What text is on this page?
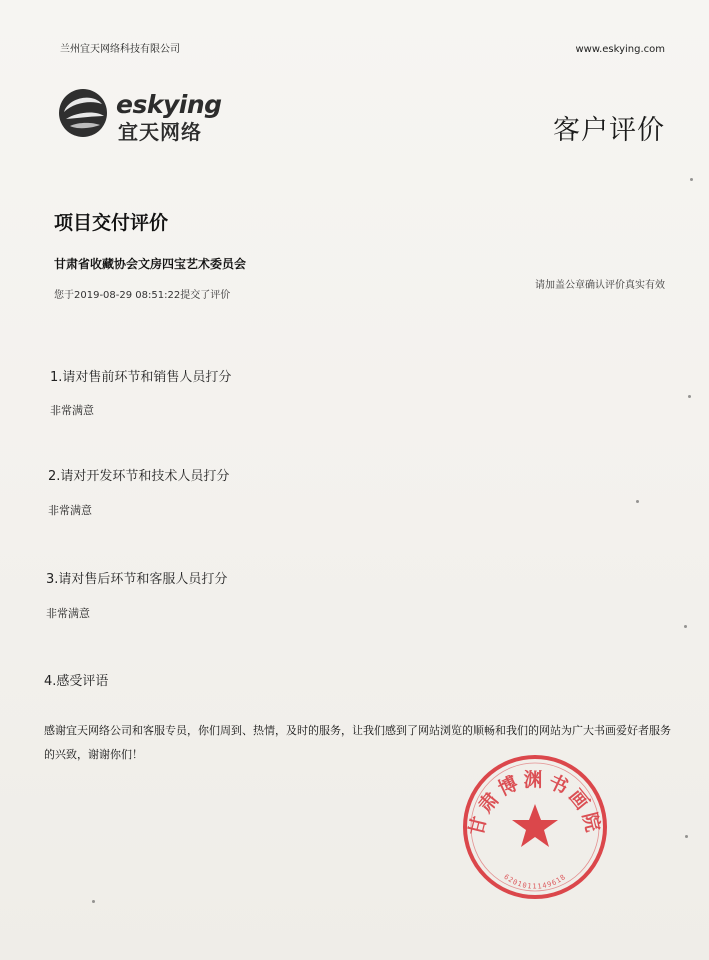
兰州宜天网络科技有限公司	www.eskying.com
eskying
宜天网络	客户评价
项目交付评价
甘肃省收藏协会文房四宝艺术委员会
您于2019-08-29 08:51:22提交了评价
请加盖公章确认评价真实有效
1.请对售前环节和销售人员打分
非常满意
2.请对开发环节和技术人员打分
非常满意
3.请对售后环节和客服人员打分
非常满意
4.感受评语
感谢宜天网络公司和客服专员，你们周到、热情，及时的服务，让我们感到了网站浏览的顺畅和我们的网站为广大书画爱好者服务的兴致，谢谢你们！
甘肃博渊书画院
6201011149618
